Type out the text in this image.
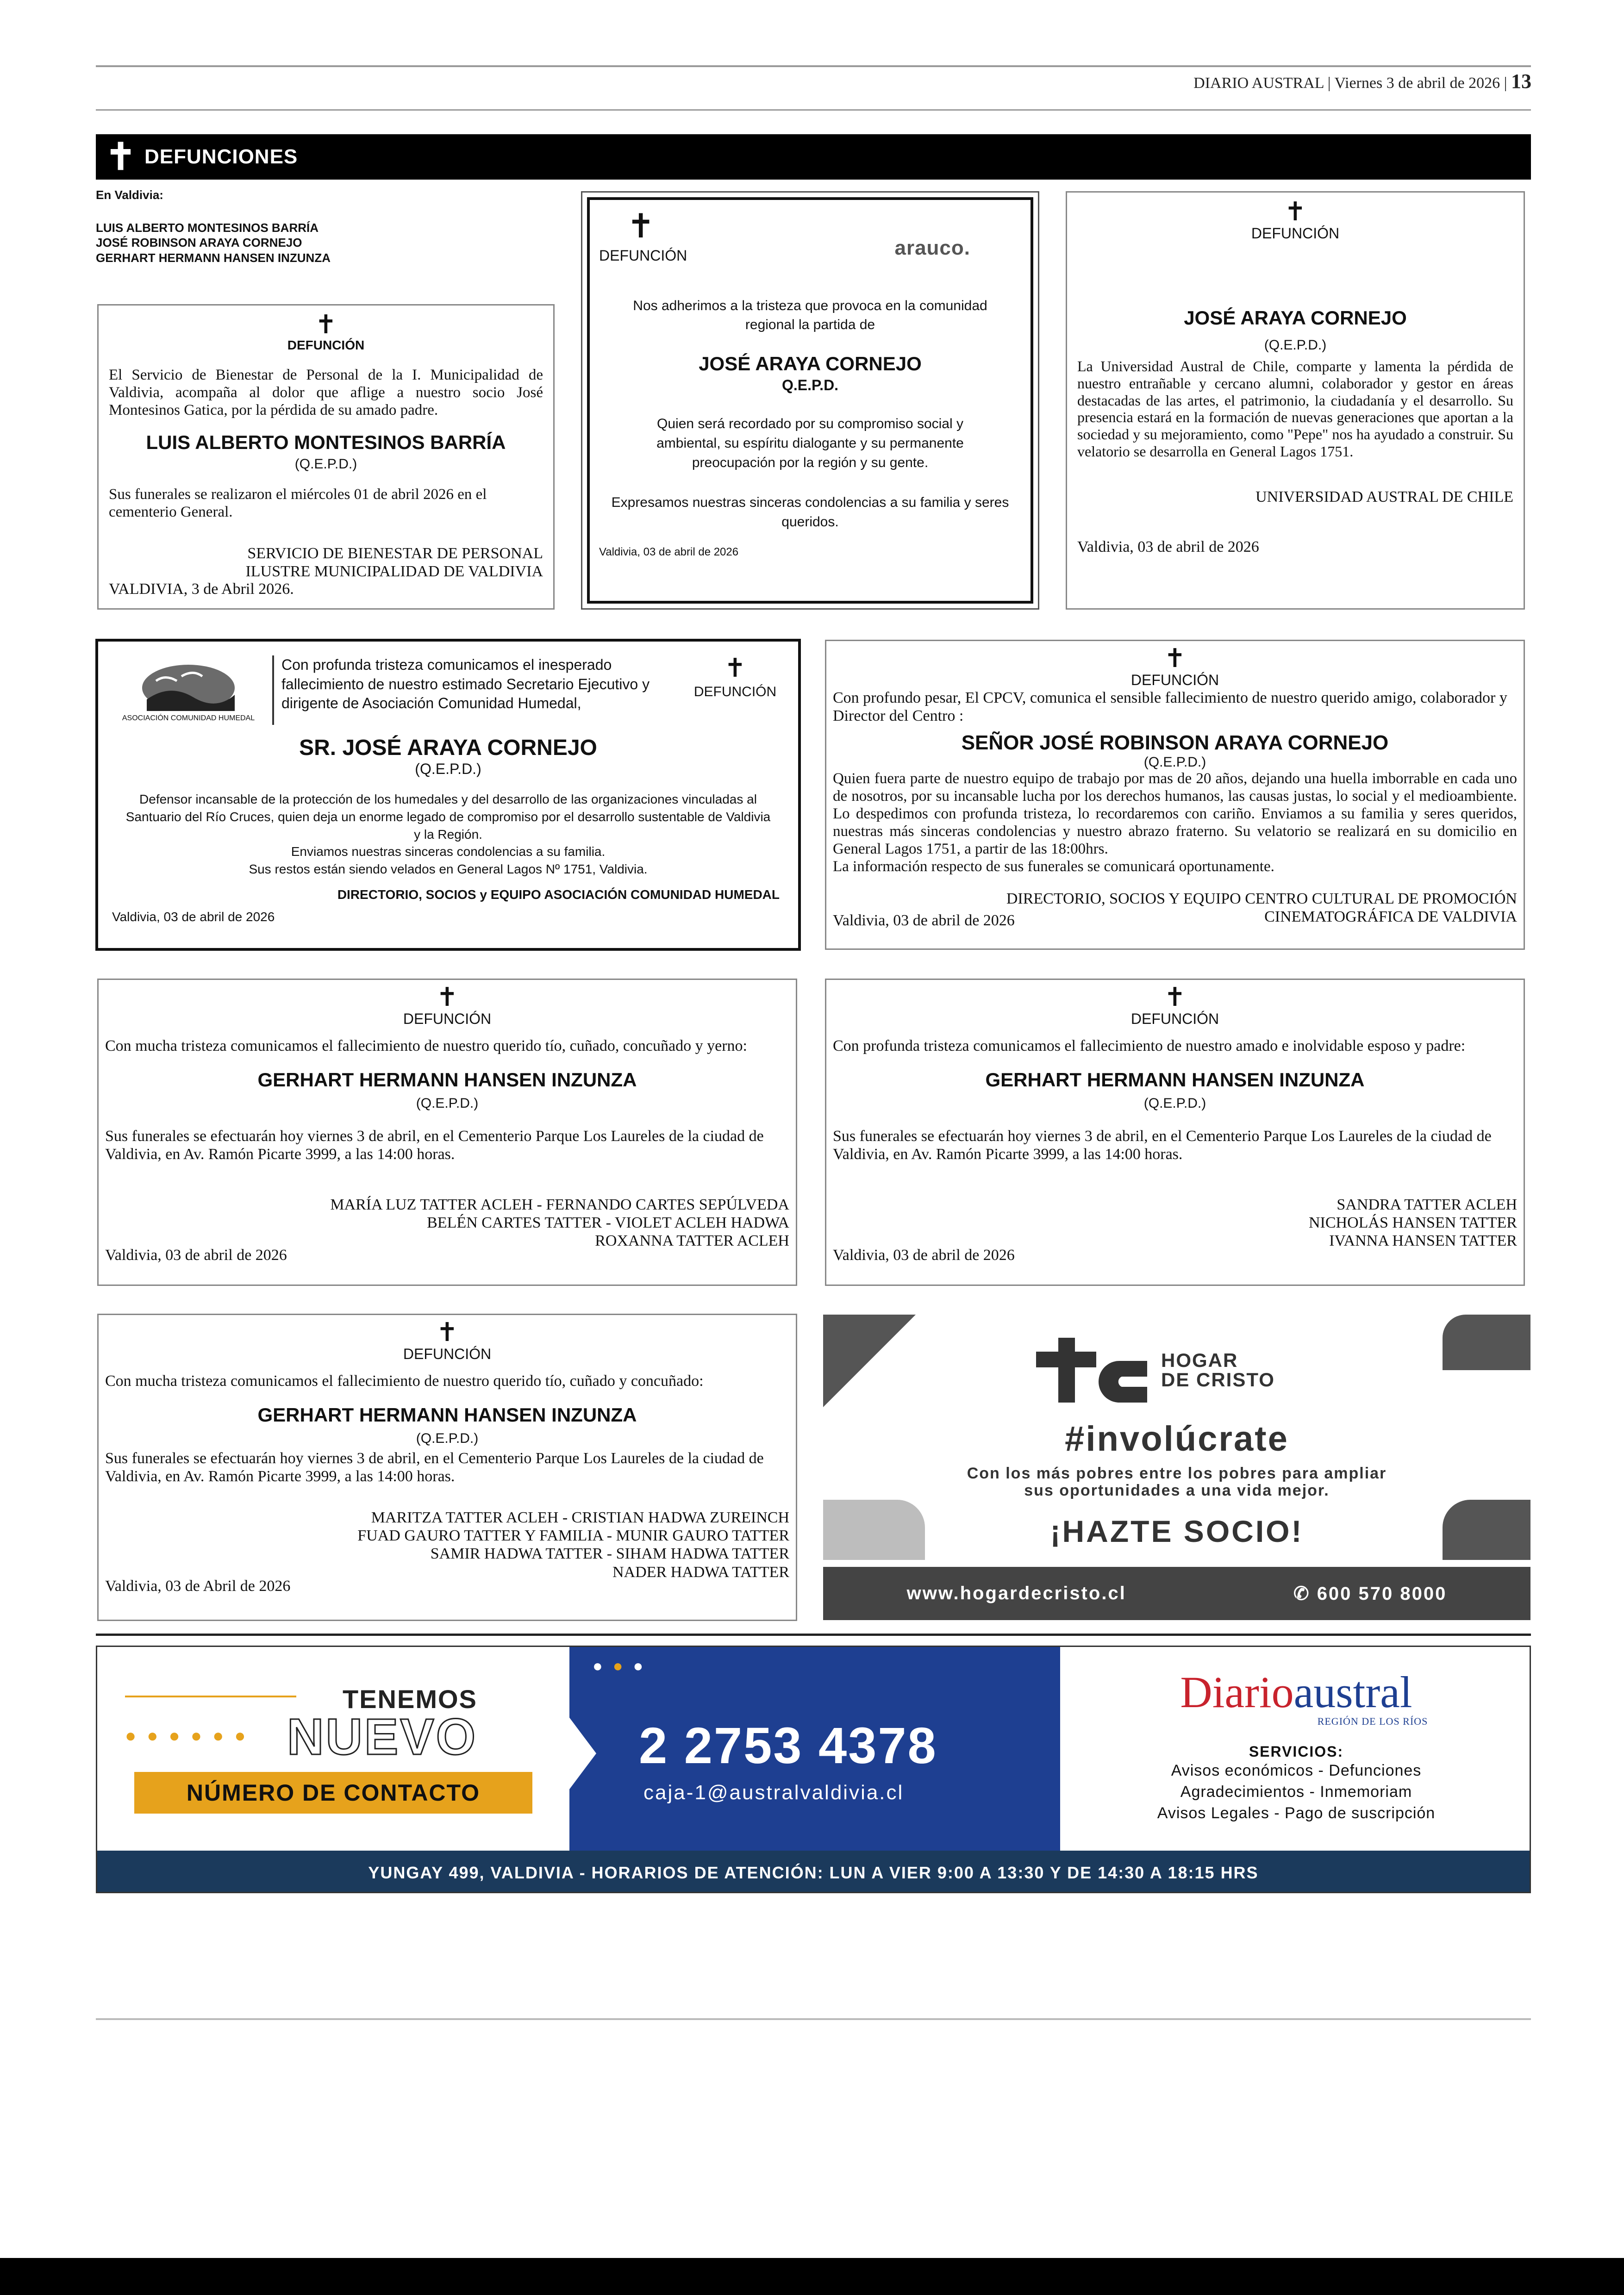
DIARIO AUSTRAL | Viernes 3 de abril de 2026 | 13
✝ DEFUNCIONES
En Valdivia:
LUIS ALBERTO MONTESINOS BARRÍA
JOSÉ ROBINSON ARAYA CORNEJO
GERHART HERMANN HANSEN INZUNZA
✝
DEFUNCIÓN
El Servicio de Bienestar de Personal de la I. Municipalidad de Valdivia, acompaña al dolor que aflige a nuestro socio José Montesinos Gatica, por la pérdida de su amado padre.
LUIS ALBERTO MONTESINOS BARRÍA
(Q.E.P.D.)
Sus funerales se realizaron el miércoles 01 de abril 2026 en el cementerio General.
SERVICIO DE BIENESTAR DE PERSONAL
ILUSTRE MUNICIPALIDAD DE VALDIVIA
VALDIVIA, 3 de Abril 2026.
✝
DEFUNCIÓN	arauco.
Nos adherimos a la tristeza que provoca en la comunidad regional la partida de
JOSÉ ARAYA CORNEJO
Q.E.P.D.
Quien será recordado por su compromiso social y ambiental, su espíritu dialogante y su permanente preocupación por la región y su gente.
Expresamos nuestras sinceras condolencias a su familia y seres queridos.
Valdivia, 03 de abril de 2026
✝
DEFUNCIÓN
JOSÉ ARAYA CORNEJO
(Q.E.P.D.)
La Universidad Austral de Chile, comparte y lamenta la pérdida de nuestro entrañable y cercano alumni, colaborador y gestor en áreas destacadas de las artes, el patrimonio, la ciudadanía y el desarrollo. Su presencia estará en la formación de nuevas generaciones que aportan a la sociedad y su mejoramiento, como "Pepe" nos ha ayudado a construir. Su velatorio se desarrolla en General Lagos 1751.
UNIVERSIDAD AUSTRAL DE CHILE
Valdivia, 03 de abril de 2026
ASOCIACIÓN COMUNIDAD HUMEDAL
Con profunda tristeza comunicamos el inesperado fallecimiento de nuestro estimado Secretario Ejecutivo y dirigente de Asociación Comunidad Humedal,
✝
DEFUNCIÓN
SR. JOSÉ ARAYA CORNEJO
(Q.E.P.D.)
Defensor incansable de la protección de los humedales y del desarrollo de las organizaciones vinculadas al Santuario del Río Cruces, quien deja un enorme legado de compromiso por el desarrollo sustentable de Valdivia y la Región.
Enviamos nuestras sinceras condolencias a su familia.
Sus restos están siendo velados en General Lagos Nº 1751, Valdivia.
DIRECTORIO, SOCIOS y EQUIPO ASOCIACIÓN COMUNIDAD HUMEDAL
Valdivia, 03 de abril de 2026
✝
DEFUNCIÓN
Con profundo pesar, El CPCV, comunica el sensible fallecimiento de nuestro querido amigo, colaborador y Director del Centro :
SEÑOR JOSÉ ROBINSON ARAYA CORNEJO
(Q.E.P.D.)
Quien fuera parte de nuestro equipo de trabajo por mas de 20 años, dejando una huella imborrable en cada uno de nosotros, por su incansable lucha por los derechos humanos, las causas justas, lo social y el medioambiente. Lo despedimos con profunda tristeza, lo recordaremos con cariño. Enviamos a su familia y seres queridos, nuestras más sinceras condolencias y nuestro abrazo fraterno. Su velatorio se realizará en su domicilio en General Lagos 1751, a partir de las 18:00hrs.
La información respecto de sus funerales se comunicará oportunamente.
DIRECTORIO, SOCIOS Y EQUIPO CENTRO CULTURAL DE PROMOCIÓN
CINEMATOGRÁFICA DE VALDIVIA
Valdivia, 03 de abril de 2026
✝
DEFUNCIÓN
Con mucha tristeza comunicamos el fallecimiento de nuestro querido tío, cuñado, concuñado y yerno:
GERHART HERMANN HANSEN INZUNZA
(Q.E.P.D.)
Sus funerales se efectuarán hoy viernes 3 de abril, en el Cementerio Parque Los Laureles de la ciudad de Valdivia, en Av. Ramón Picarte 3999, a las 14:00 horas.
MARÍA LUZ TATTER ACLEH - FERNANDO CARTES SEPÚLVEDA
BELÉN CARTES TATTER - VIOLET ACLEH HADWA
ROXANNA TATTER ACLEH
Valdivia, 03 de abril de 2026
✝
DEFUNCIÓN
Con profunda tristeza comunicamos el fallecimiento de nuestro amado e inolvidable esposo y padre:
GERHART HERMANN HANSEN INZUNZA
(Q.E.P.D.)
Sus funerales se efectuarán hoy viernes 3 de abril, en el Cementerio Parque Los Laureles de la ciudad de Valdivia, en Av. Ramón Picarte 3999, a las 14:00 horas.
SANDRA TATTER ACLEH
NICHOLÁS HANSEN TATTER
IVANNA HANSEN TATTER
Valdivia, 03 de abril de 2026
✝
DEFUNCIÓN
Con mucha tristeza comunicamos el fallecimiento de nuestro querido tío, cuñado y concuñado:
GERHART HERMANN HANSEN INZUNZA
(Q.E.P.D.)
Sus funerales se efectuarán hoy viernes 3 de abril, en el Cementerio Parque Los Laureles de la ciudad de Valdivia, en Av. Ramón Picarte 3999, a las 14:00 horas.
MARITZA TATTER ACLEH - CRISTIAN HADWA ZUREINCH
FUAD GAURO TATTER Y FAMILIA - MUNIR GAURO TATTER
SAMIR HADWA TATTER - SIHAM HADWA TATTER
NADER HADWA TATTER
Valdivia, 03 de Abril de 2026
HOGAR
DE CRISTO
#involúcrate
Con los más pobres entre los pobres para ampliar
sus oportunidades a una vida mejor.
¡HAZTE SOCIO!
www.hogardecristo.cl	✆ 600 570 8000
TENEMOS
● ● ● ● ● ● NUEVO
NÚMERO DE CONTACTO
● ● ●
2 2753 4378
caja-1@australvaldivia.cl
Diarioaustral
REGIÓN DE LOS RÍOS
SERVICIOS:
Avisos económicos - Defunciones
Agradecimientos - Inmemoriam
Avisos Legales - Pago de suscripción
YUNGAY 499, VALDIVIA - HORARIOS DE ATENCIÓN: LUN A VIER 9:00 A 13:30 Y DE 14:30 A 18:15 HRS
